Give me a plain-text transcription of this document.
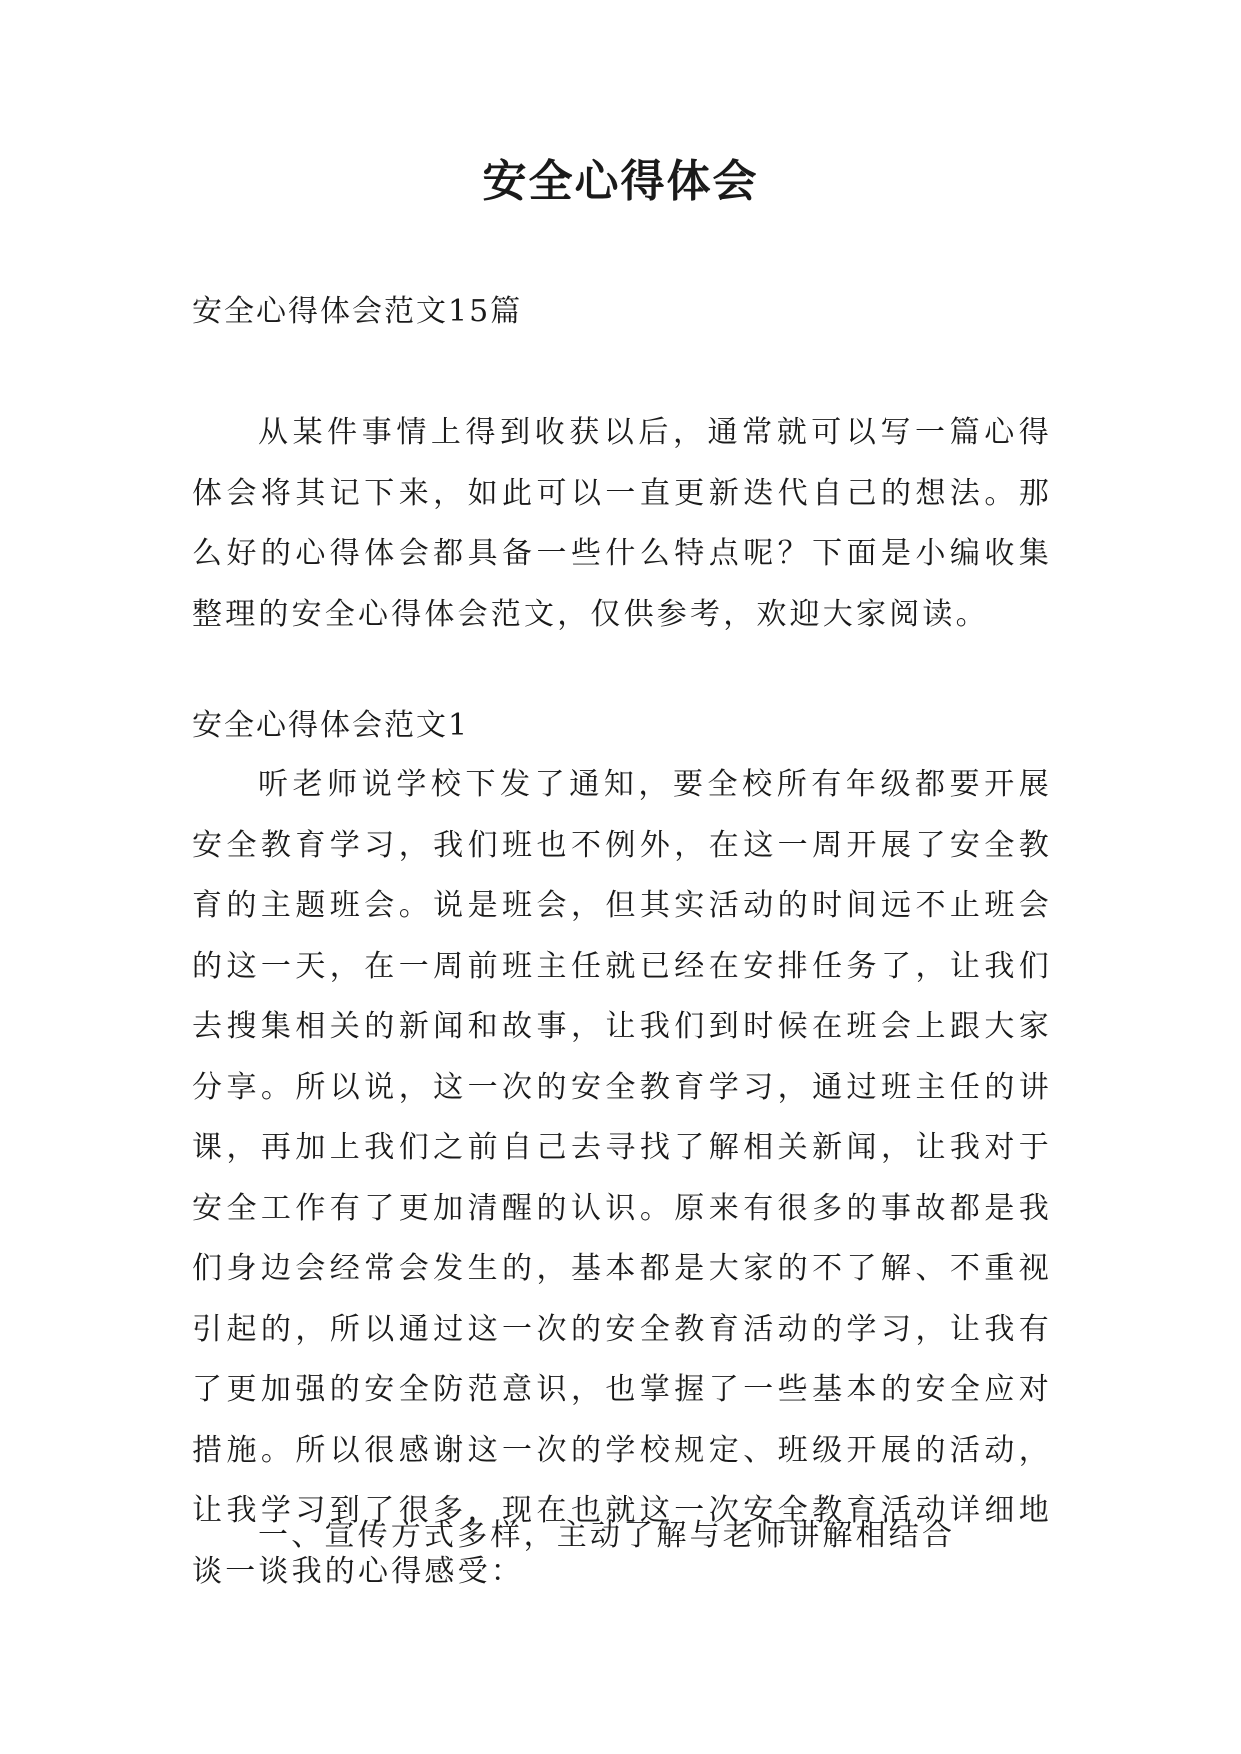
安全心得体会

安全心得体会范文15篇

从某件事情上得到收获以后，通常就可以写一篇心得体会将其记下来，如此可以一直更新迭代自己的想法。那么好的心得体会都具备一些什么特点呢？下面是小编收集整理的安全心得体会范文，仅供参考，欢迎大家阅读。

安全心得体会范文1

听老师说学校下发了通知，要全校所有年级都要开展安全教育学习，我们班也不例外，在这一周开展了安全教育的主题班会。说是班会，但其实活动的时间远不止班会的这一天，在一周前班主任就已经在安排任务了，让我们去搜集相关的新闻和故事，让我们到时候在班会上跟大家分享。所以说，这一次的安全教育学习，通过班主任的讲课，再加上我们之前自己去寻找了解相关新闻，让我对于安全工作有了更加清醒的认识。原来有很多的事故都是我们身边会经常会发生的，基本都是大家的不了解、不重视引起的，所以通过这一次的安全教育活动的学习，让我有了更加强的安全防范意识，也掌握了一些基本的安全应对措施。所以很感谢这一次的学校规定、班级开展的活动，让我学习到了很多，现在也就这一次安全教育活动详细地谈一谈我的心得感受：

一、宣传方式多样，主动了解与老师讲解相结合
